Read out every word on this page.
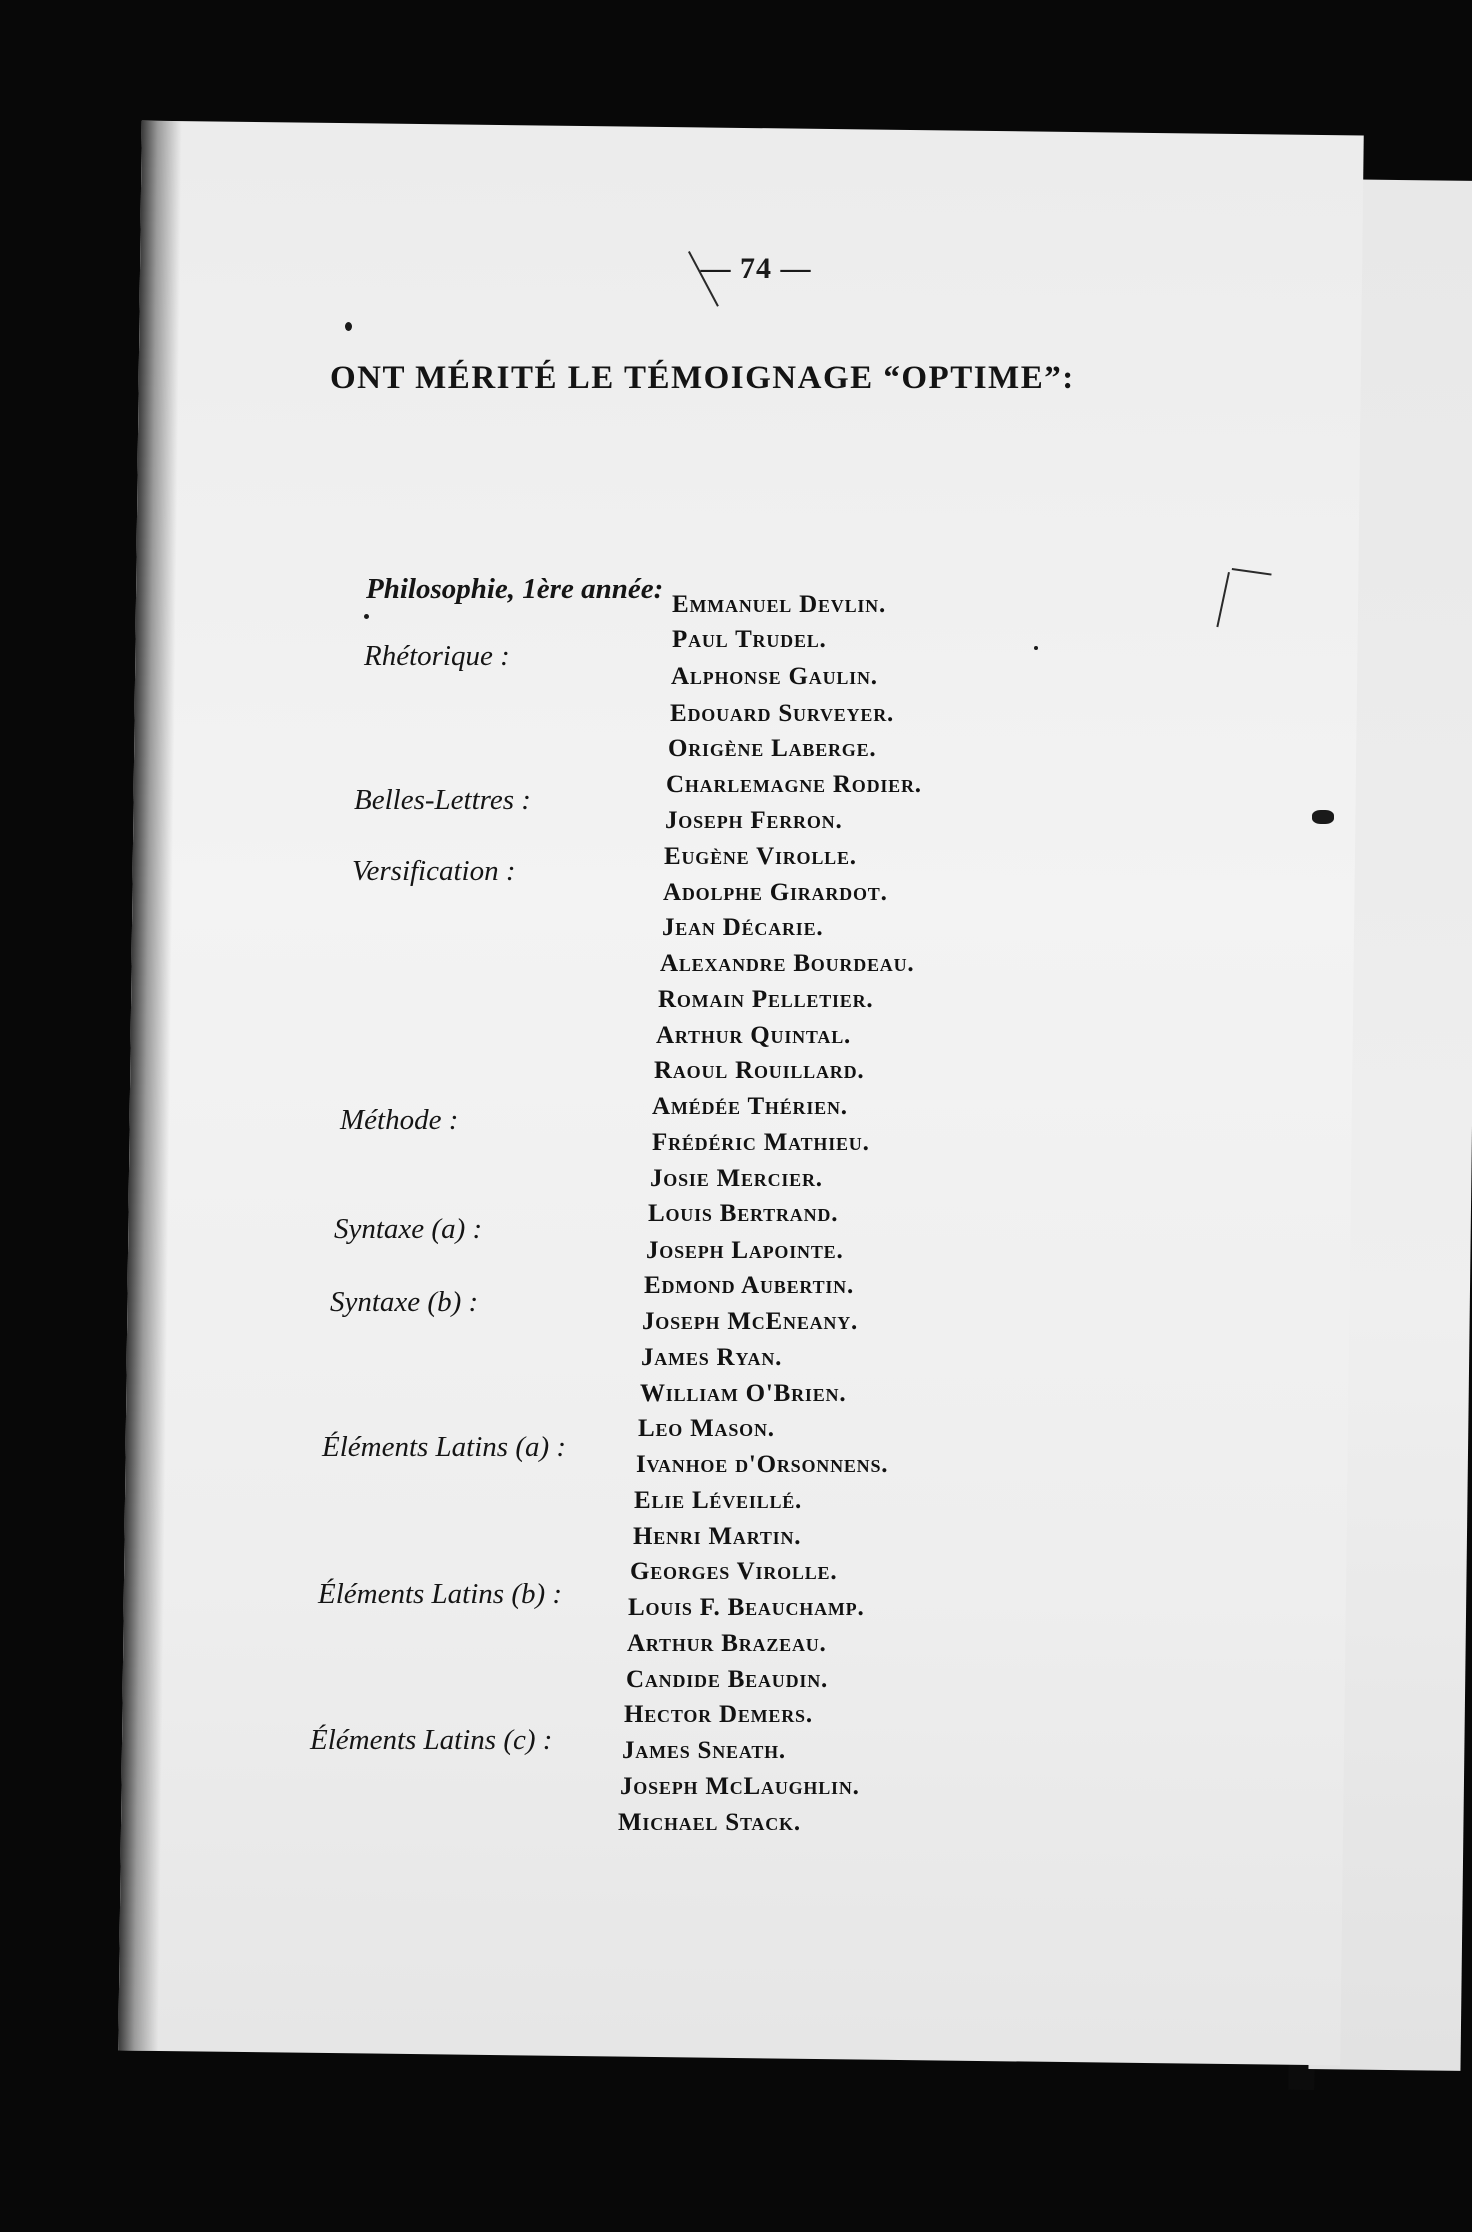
— 74 —
ONT MÉRITÉ LE TÉMOIGNAGE “OPTIME”:
Philosophie, 1ère année:
Rhétorique :
Belles-Lettres :
Versification :
Méthode :
Syntaxe (a) :
Syntaxe (b) :
Éléments Latins (a) :
Éléments Latins (b) :
Éléments Latins (c) :
Emmanuel Devlin.
Paul Trudel.
Alphonse Gaulin.
Edouard Surveyer.
Origène Laberge.
Charlemagne Rodier.
Joseph Ferron.
Eugène Virolle.
Adolphe Girardot.
Jean Décarie.
Alexandre Bourdeau.
Romain Pelletier.
Arthur Quintal.
Raoul Rouillard.
Amédée Thérien.
Frédéric Mathieu.
Josie Mercier.
Louis Bertrand.
Joseph Lapointe.
Edmond Aubertin.
Joseph McEneany.
James Ryan.
William O'Brien.
Leo Mason.
Ivanhoe d'Orsonnens.
Elie Léveillé.
Henri Martin.
Georges Virolle.
Louis F. Beauchamp.
Arthur Brazeau.
Candide Beaudin.
Hector Demers.
James Sneath.
Joseph McLaughlin.
Michael Stack.
